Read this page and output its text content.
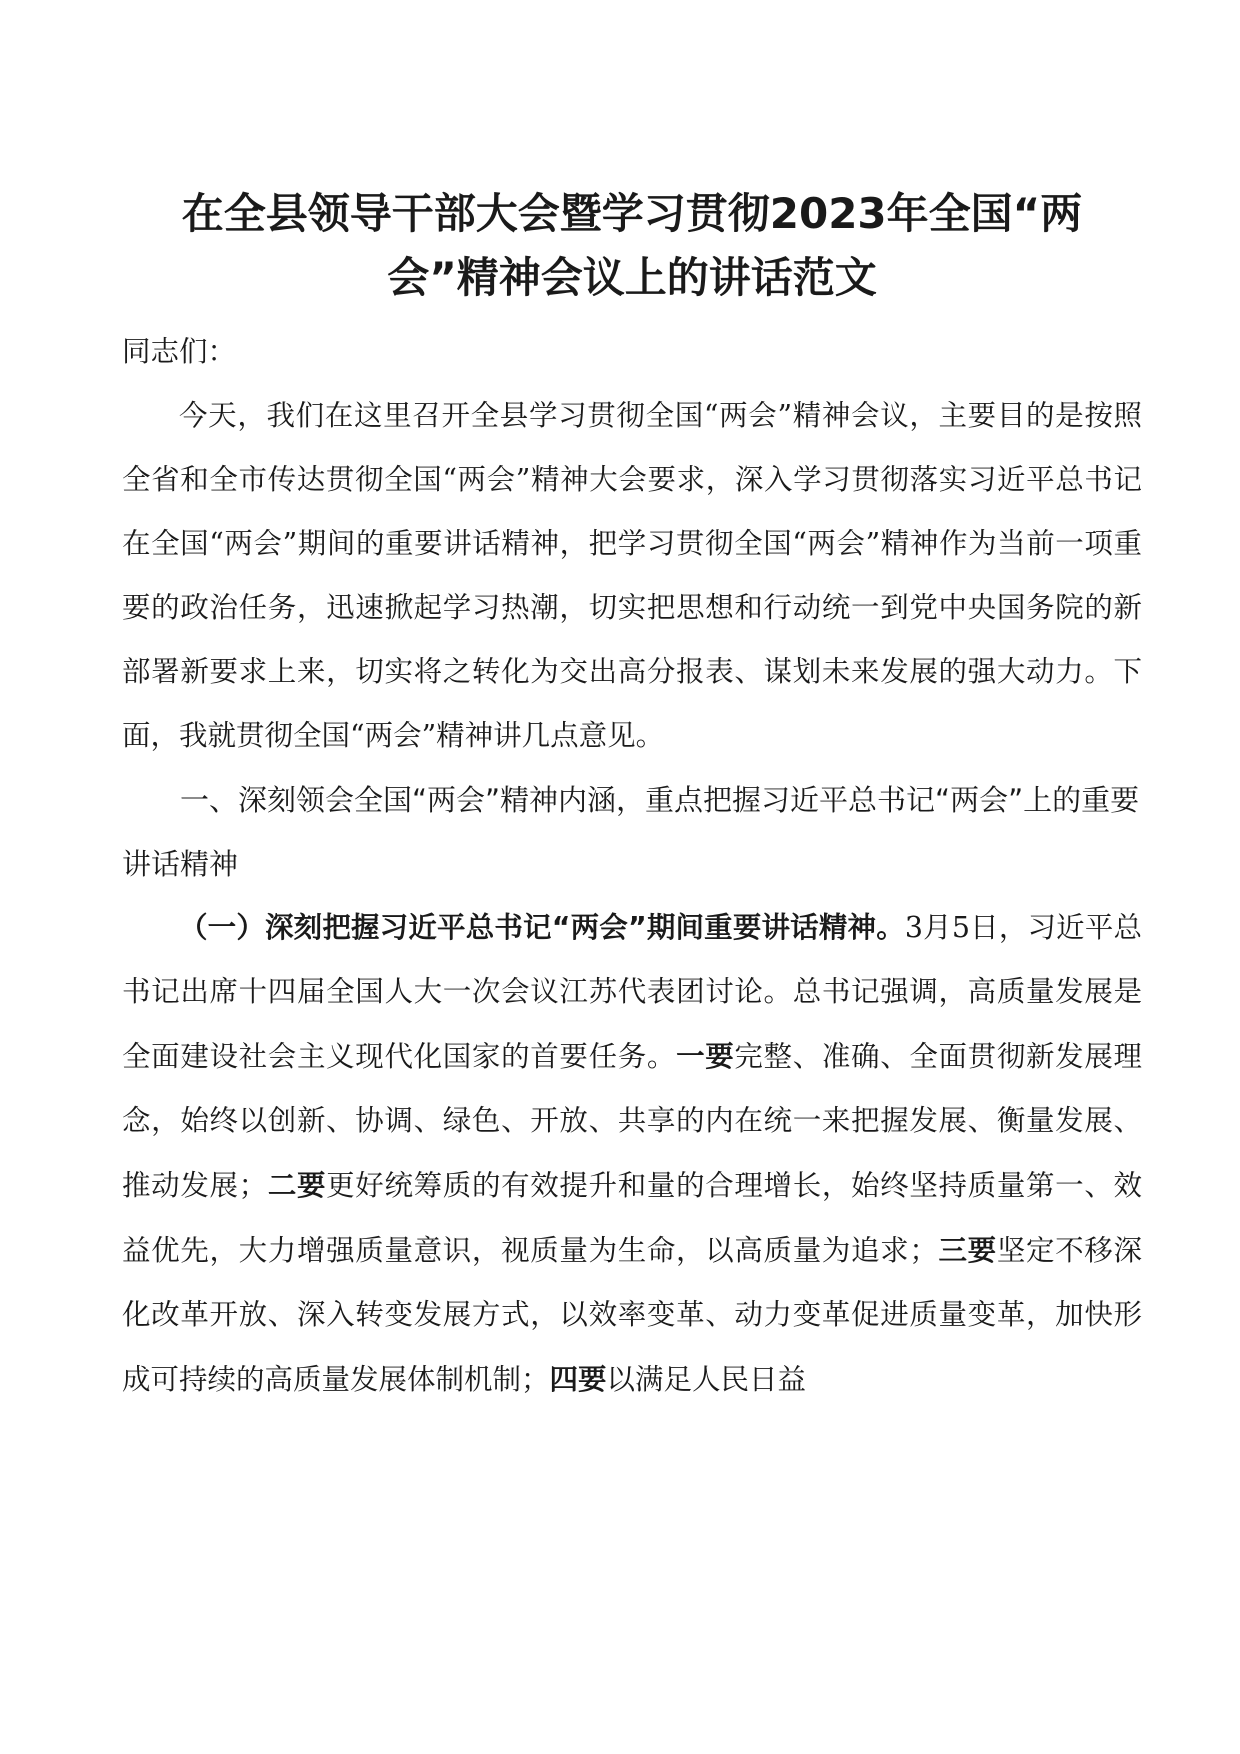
在全县领导干部大会暨学习贯彻2023年全国“两
会”精神会议上的讲话范文

同志们：

今天，我们在这里召开全县学习贯彻全国“两会”精神会议，主要目的是按照全省和全市传达贯彻全国“两会”精神大会要求，深入学习贯彻落实习近平总书记在全国“两会”期间的重要讲话精神，把学习贯彻全国“两会”精神作为当前一项重要的政治任务，迅速掀起学习热潮，切实把思想和行动统一到党中央国务院的新部署新要求上来，切实将之转化为交出高分报表、谋划未来发展的强大动力。下面，我就贯彻全国“两会”精神讲几点意见。

一、深刻领会全国“两会”精神内涵，重点把握习近平总书记“两会”上的重要讲话精神

（一）深刻把握习近平总书记“两会”期间重要讲话精神。3月5日，习近平总书记出席十四届全国人大一次会议江苏代表团讨论。总书记强调，高质量发展是全面建设社会主义现代化国家的首要任务。一要完整、准确、全面贯彻新发展理念，始终以创新、协调、绿色、开放、共享的内在统一来把握发展、衡量发展、推动发展；二要更好统筹质的有效提升和量的合理增长，始终坚持质量第一、效益优先，大力增强质量意识，视质量为生命，以高质量为追求；三要坚定不移深化改革开放、深入转变发展方式，以效率变革、动力变革促进质量变革，加快形成可持续的高质量发展体制机制；四要以满足人民日益
